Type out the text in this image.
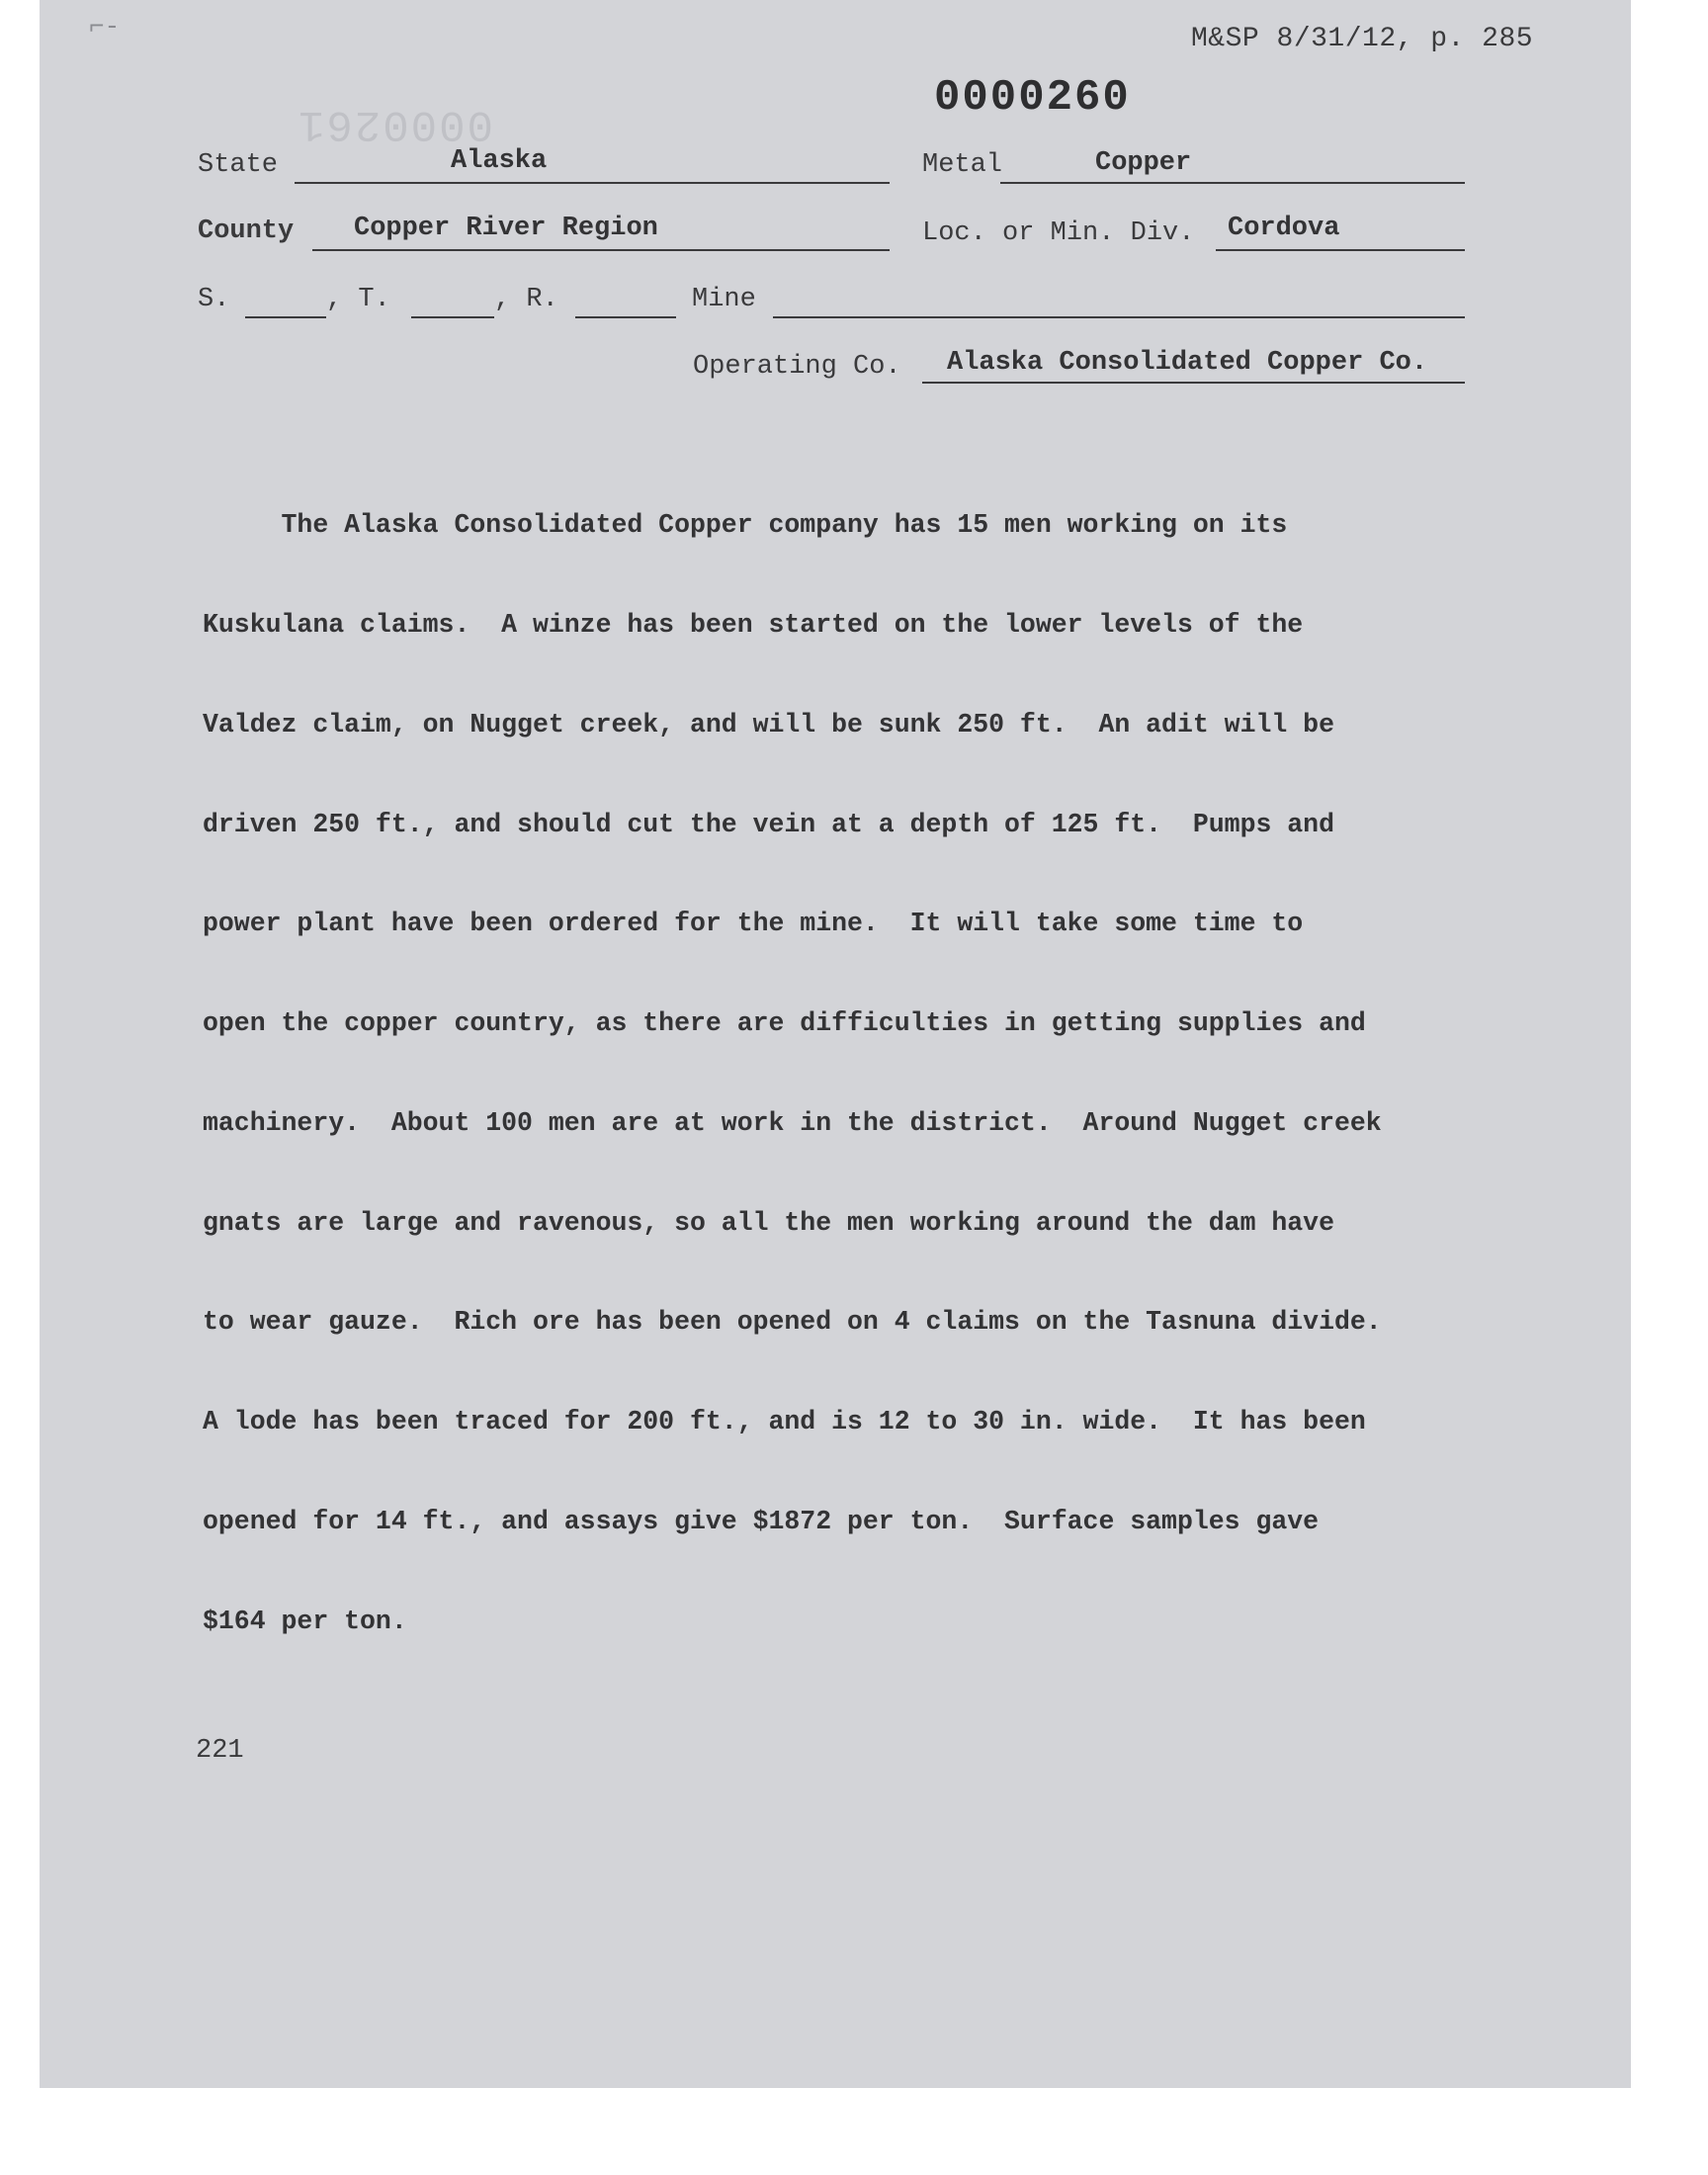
⌐-	M&SP 8/31/12, p. 285
0000261
0000260
State	Alaska	Metal	Copper
County Copper River Region	Loc. or Min. Div. Cordova
S.	, T.	, R.	Mine
Operating Co. Alaska Consolidated Copper Co.

The Alaska Consolidated Copper company has 15 men working on its

Kuskulana claims.  A winze has been started on the lower levels of the

Valdez claim, on Nugget creek, and will be sunk 250 ft.  An adit will be

driven 250 ft., and should cut the vein at a depth of 125 ft.  Pumps and

power plant have been ordered for the mine.  It will take some time to

open the copper country, as there are difficulties in getting supplies and

machinery.  About 100 men are at work in the district.  Around Nugget creek

gnats are large and ravenous, so all the men working around the dam have

to wear gauze.  Rich ore has been opened on 4 claims on the Tasnuna divide.

A lode has been traced for 200 ft., and is 12 to 30 in. wide.  It has been

opened for 14 ft., and assays give $1872 per ton.  Surface samples gave

$164 per ton.

221
